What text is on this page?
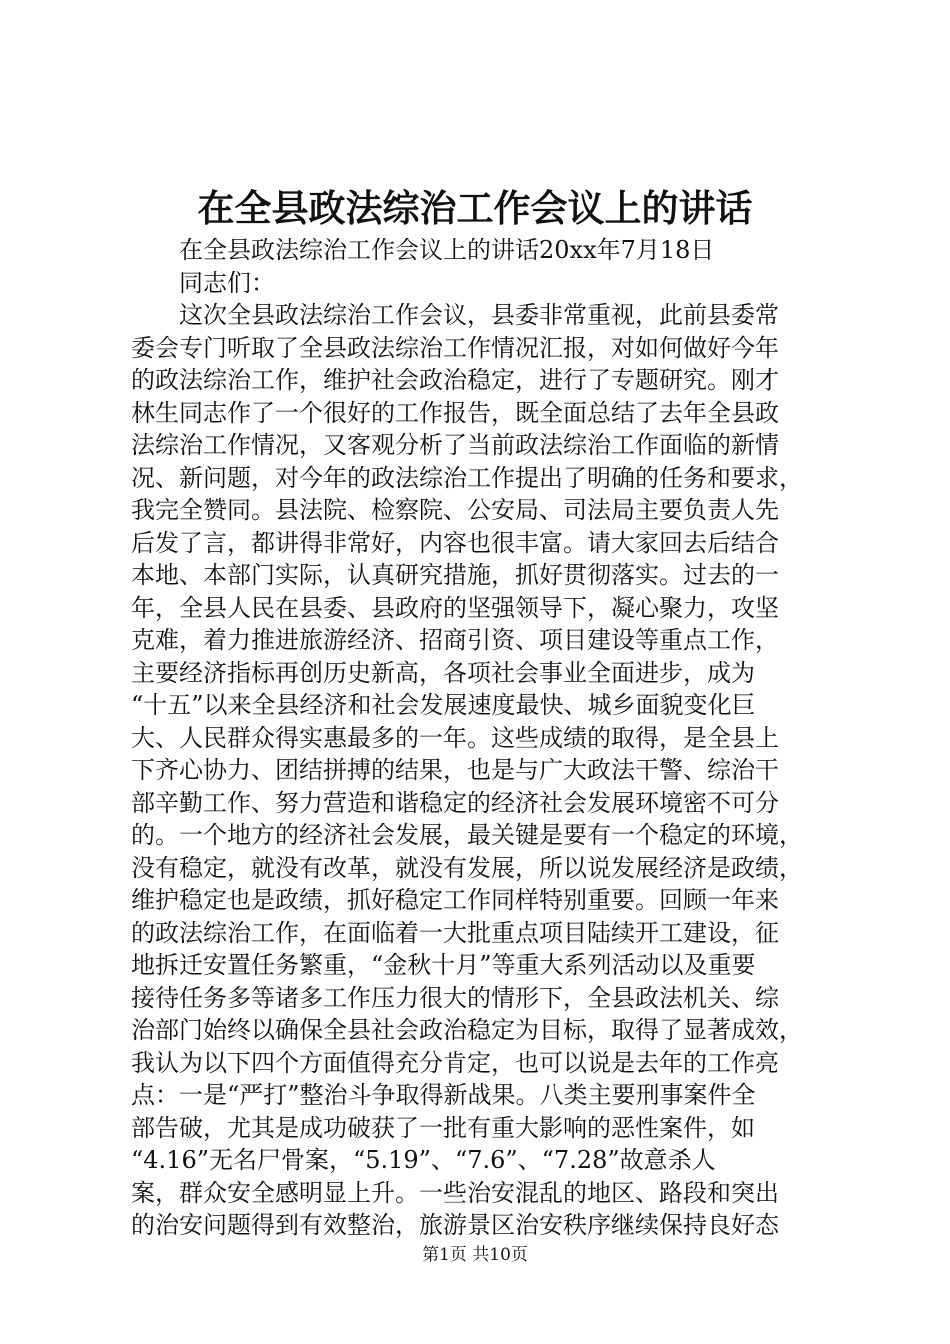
在全县政法综治工作会议上的讲话
在全县政法综治工作会议上的讲话20xx年7月18日
同志们：
这次全县政法综治工作会议，县委非常重视，此前县委常
委会专门听取了全县政法综治工作情况汇报，对如何做好今年
的政法综治工作，维护社会政治稳定，进行了专题研究。刚才
林生同志作了一个很好的工作报告，既全面总结了去年全县政
法综治工作情况，又客观分析了当前政法综治工作面临的新情
况、新问题，对今年的政法综治工作提出了明确的任务和要求，
我完全赞同。县法院、检察院、公安局、司法局主要负责人先
后发了言，都讲得非常好，内容也很丰富。请大家回去后结合
本地、本部门实际，认真研究措施，抓好贯彻落实。过去的一
年，全县人民在县委、县政府的坚强领导下，凝心聚力，攻坚
克难，着力推进旅游经济、招商引资、项目建设等重点工作，
主要经济指标再创历史新高，各项社会事业全面进步，成为
“十五”以来全县经济和社会发展速度最快、城乡面貌变化巨
大、人民群众得实惠最多的一年。这些成绩的取得，是全县上
下齐心协力、团结拼搏的结果，也是与广大政法干警、综治干
部辛勤工作、努力营造和谐稳定的经济社会发展环境密不可分
的。一个地方的经济社会发展，最关键是要有一个稳定的环境，
没有稳定，就没有改革，就没有发展，所以说发展经济是政绩，
维护稳定也是政绩，抓好稳定工作同样特别重要。回顾一年来
的政法综治工作，在面临着一大批重点项目陆续开工建设，征
地拆迁安置任务繁重，“金秋十月”等重大系列活动以及重要
接待任务多等诸多工作压力很大的情形下，全县政法机关、综
治部门始终以确保全县社会政治稳定为目标，取得了显著成效，
我认为以下四个方面值得充分肯定，也可以说是去年的工作亮
点：一是“严打”整治斗争取得新战果。八类主要刑事案件全
部告破，尤其是成功破获了一批有重大影响的恶性案件，如
“4.16”无名尸骨案，“5.19”、“7.6”、“7.28”故意杀人
案，群众安全感明显上升。一些治安混乱的地区、路段和突出
的治安问题得到有效整治，旅游景区治安秩序继续保持良好态
第1页 共10页
